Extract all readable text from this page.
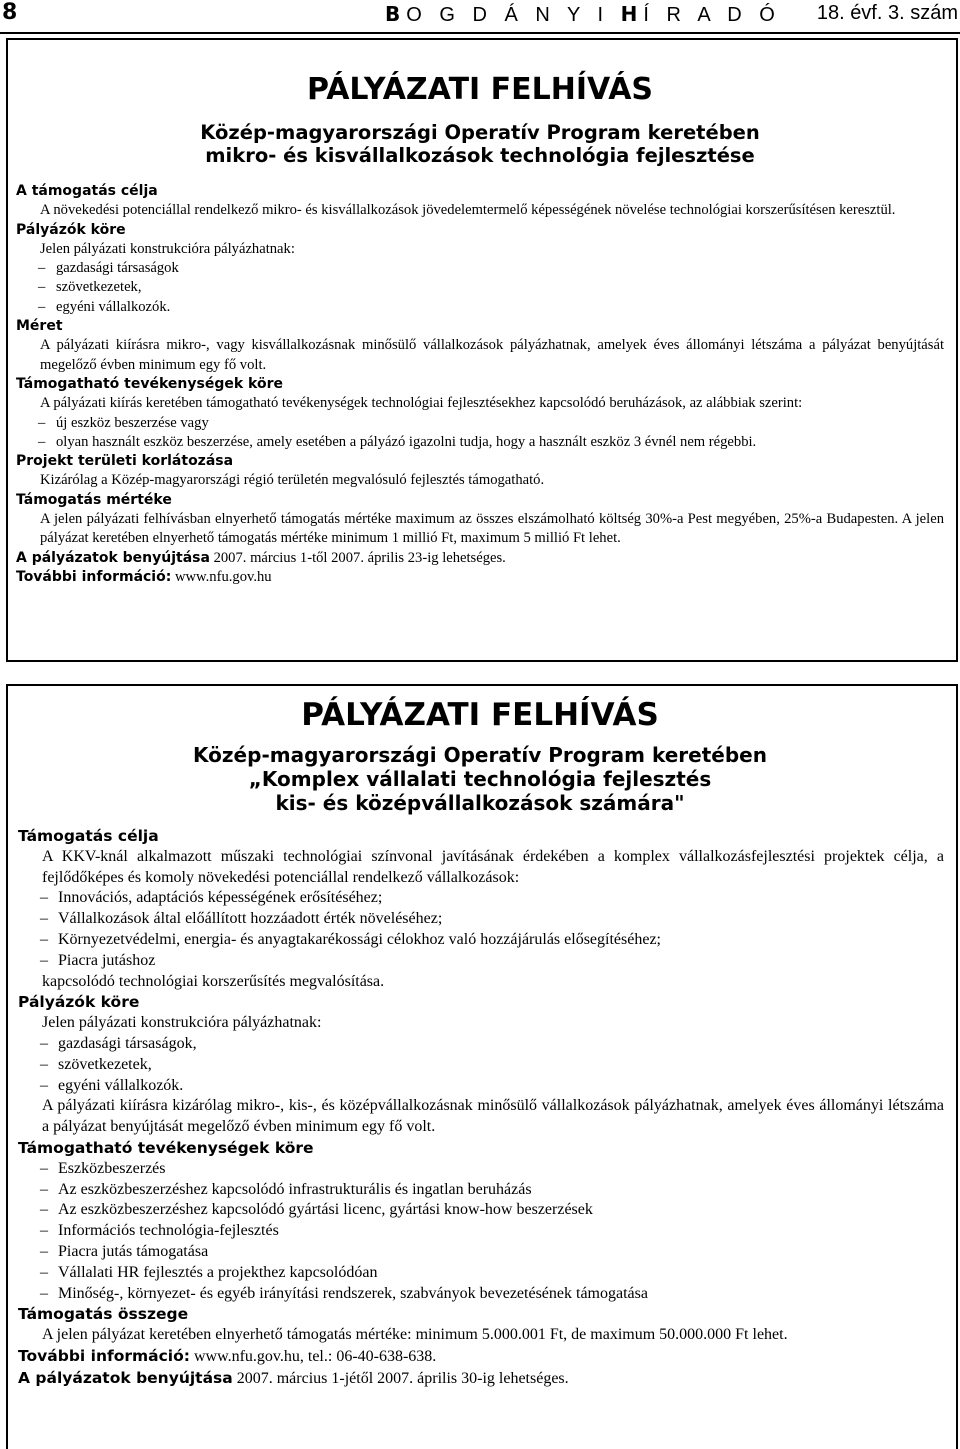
8	BO G D Á N Y I HÍ R A D Ó 18. évf. 3. szám
PÁLYÁZATI FELHÍVÁS
Közép-magyarországi Operatív Program keretében
mikro- és kisvállalkozások technológia fejlesztése
A támogatás célja

A növekedési potenciállal rendelkező mikro- és kisvállalkozások jövedelemtermelő képességének növelése technológiai korszerűsítésen keresztül.

Pályázók köre

Jelen pályázati konstrukcióra pályázhatnak:

– gazdasági társaságok

– szövetkezetek,

– egyéni vállalkozók.

Méret

A pályázati kiírásra mikro-, vagy kisvállalkozásnak minősülő vállalkozások pályázhatnak, amelyek éves állományi létszáma a pályázat benyújtását megelőző évben minimum egy fő volt.

Támogatható tevékenységek köre

A pályázati kiírás keretében támogatható tevékenységek technológiai fejlesztésekhez kapcsolódó beruházások, az alábbiak szerint:

– új eszköz beszerzése vagy

– olyan használt eszköz beszerzése, amely esetében a pályázó igazolni tudja, hogy a használt eszköz 3 évnél nem régebbi.

Projekt területi korlátozása

Kizárólag a Közép-magyarországi régió területén megvalósuló fejlesztés támogatható.

Támogatás mértéke

A jelen pályázati felhívásban elnyerhető támogatás mértéke maximum az összes elszámolható költség 30%-a Pest megyében, 25%-a Budapesten. A jelen pályázat keretében elnyerhető támogatás mértéke minimum 1 millió Ft, maximum 5 millió Ft lehet.

A pályázatok benyújtása 2007. március 1-től 2007. április 23-ig lehetséges.
További információ: www.nfu.gov.hu
PÁLYÁZATI FELHÍVÁS
Közép-magyarországi Operatív Program keretében
„Komplex vállalati technológia fejlesztés
kis- és középvállalkozások számára"
Támogatás célja

A KKV-knál alkalmazott műszaki technológiai színvonal javításának érdekében a komplex vállalkozásfejlesztési projektek célja, a fejlődőképes és komoly növekedési potenciállal rendelkező vállalkozások:

– Innovációs, adaptációs képességének erősítéséhez;

– Vállalkozások által előállított hozzáadott érték növeléséhez;

– Környezetvédelmi, energia- és anyagtakarékossági célokhoz való hozzájárulás elősegítéséhez;

– Piacra jutáshoz

kapcsolódó technológiai korszerűsítés megvalósítása.

Pályázók köre

Jelen pályázati konstrukcióra pályázhatnak:

– gazdasági társaságok,

– szövetkezetek,

– egyéni vállalkozók.

A pályázati kiírásra kizárólag mikro-, kis-, és középvállalkozásnak minősülő vállalkozások pályázhatnak, amelyek éves állományi létszáma a pályázat benyújtását megelőző évben minimum egy fő volt.

Támogatható tevékenységek köre

– Eszközbeszerzés

– Az eszközbeszerzéshez kapcsolódó infrastrukturális és ingatlan beruházás

– Az eszközbeszerzéshez kapcsolódó gyártási licenc, gyártási know-how beszerzések

– Információs technológia-fejlesztés

– Piacra jutás támogatása

– Vállalati HR fejlesztés a projekthez kapcsolódóan

– Minőség-, környezet- és egyéb irányítási rendszerek, szabványok bevezetésének támogatása

Támogatás összege

A jelen pályázat keretében elnyerhető támogatás mértéke: minimum 5.000.001 Ft, de maximum 50.000.000 Ft lehet.

További információ: www.nfu.gov.hu, tel.: 06-40-638-638.
A pályázatok benyújtása 2007. március 1-jétől 2007. április 30-ig lehetséges.
